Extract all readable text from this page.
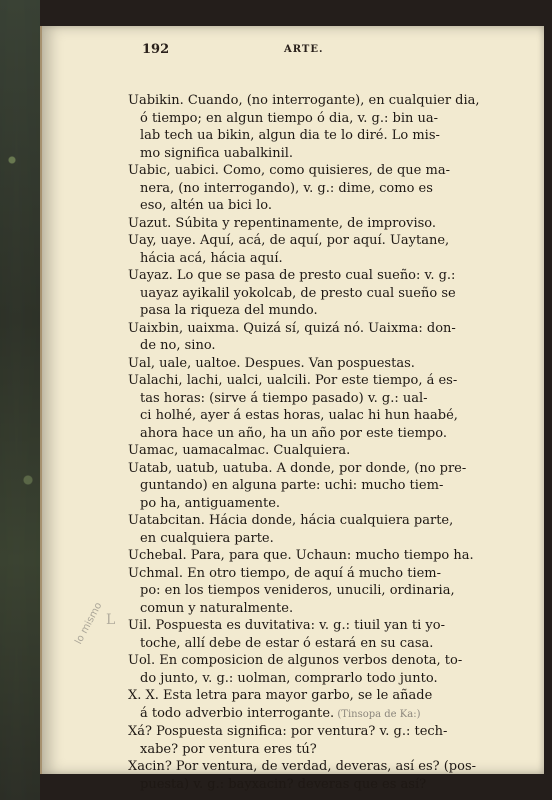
192	ARTE.
Uabikin. Cuando, (no interrogante), en cualquier dia,
ó tiempo; en algun tiempo ó dia, v. g.: bin ua-
lab tech ua bikin, algun dia te lo diré. Lo mis-
mo significa uabalkinil.
Uabic, uabici. Como, como quisieres, de que ma-
nera, (no interrogando), v. g.: dime, como es
eso, altén ua bici lo.
Uazut. Súbita y repentinamente, de improviso.
Uay, uaye. Aquí, acá, de aquí, por aquí. Uaytane,
hácia acá, hácia aquí.
Uayaz. Lo que se pasa de presto cual sueño: v. g.:
uayaz ayikalil yokolcab, de presto cual sueño se
pasa la riqueza del mundo.
Uaixbin, uaixma. Quizá sí, quizá nó. Uaixma: don-
de no, sino.
Ual, uale, ualtoe. Despues. Van pospuestas.
Ualachi, lachi, ualci, ualcili. Por este tiempo, á es-
tas horas: (sirve á tiempo pasado) v. g.: ual-
ci holhé, ayer á estas horas, ualac hi hun haabé,
ahora hace un año, ha un año por este tiempo.
Uamac, uamacalmac. Cualquiera.
Uatab, uatub, uatuba. A donde, por donde, (no pre-
guntando) en alguna parte: uchi: mucho tiem-
po ha, antiguamente.
Uatabcitan. Hácia donde, hácia cualquiera parte,
en cualquiera parte.
Uchebal. Para, para que. Uchaun: mucho tiempo ha.
Uchmal. En otro tiempo, de aquí á mucho tiem-
po: en los tiempos venideros, unucili, ordinaria,
comun y naturalmente.
Uil. Pospuesta es duvitativa: v. g.: tiuil yan ti yo-
toche, allí debe de estar ó estará en su casa.
Uol. En composicion de algunos verbos denota, to-
do junto, v. g.: uolman, comprarlo todo junto.
X. X. Esta letra para mayor garbo, se le añade
á todo adverbio interrogante. (Tinsopa de Ka:)
Xá? Pospuesta significa: por ventura? v. g.: tech-
xabe? por ventura eres tú?
Xacin? Por ventura, de verdad, deveras, así es? (pos-
puesta) v. g.: bayxacin? deveras que es así?
lo mismo L
